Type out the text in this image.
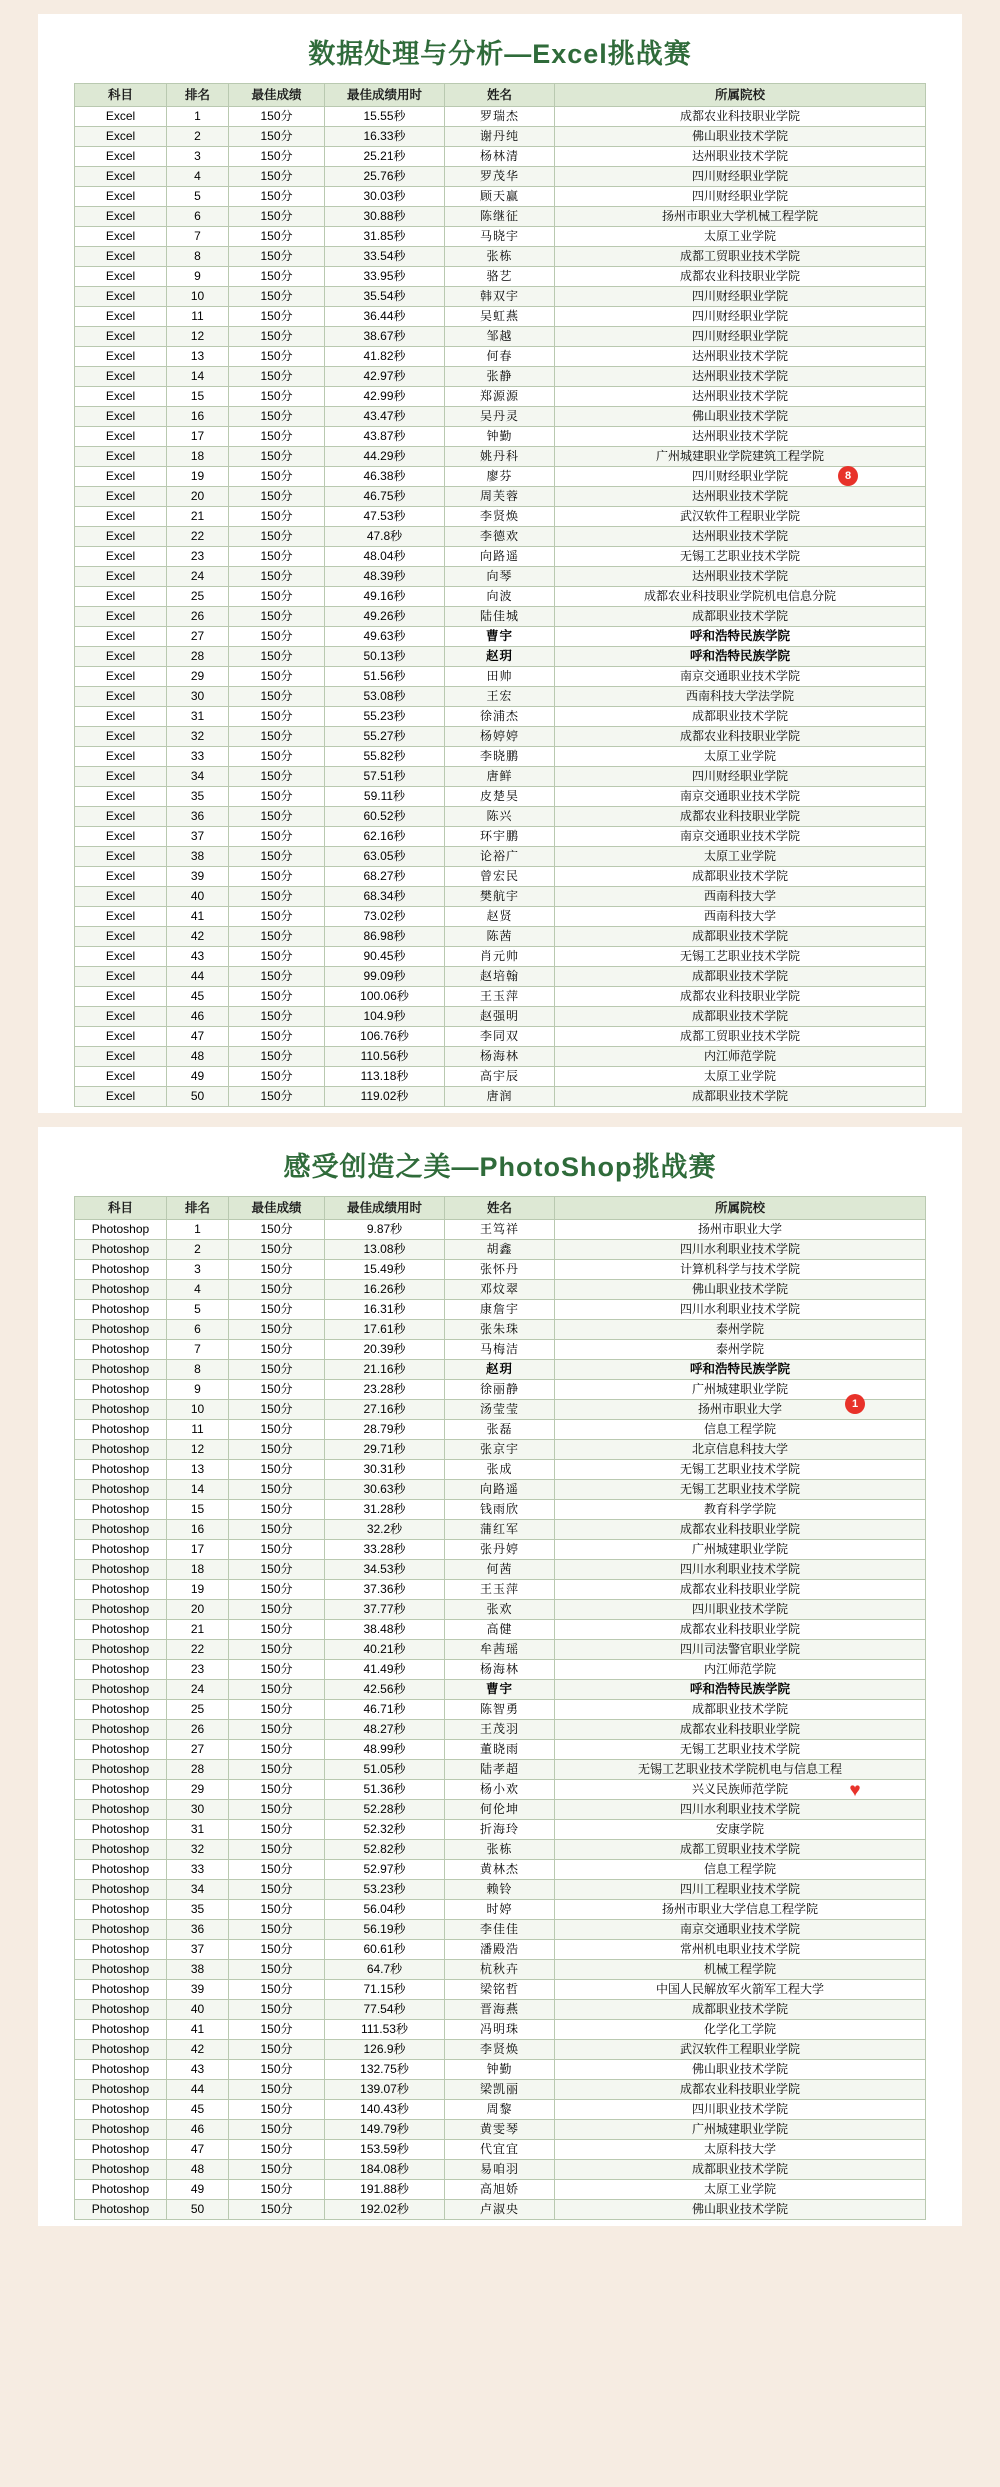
数据处理与分析—Excel挑战赛
科目	排名	最佳成绩	最佳成绩用时	姓名	所属院校
Excel	1	150分	15.55秒	罗瑞杰	成都农业科技职业学院
Excel	2	150分	16.33秒	谢丹纯	佛山职业技术学院
Excel	3	150分	25.21秒	杨林清	达州职业技术学院
Excel	4	150分	25.76秒	罗茂华	四川财经职业学院
Excel	5	150分	30.03秒	顾天赢	四川财经职业学院
Excel	6	150分	30.88秒	陈继征	扬州市职业大学机械工程学院
Excel	7	150分	31.85秒	马晓宇	太原工业学院
Excel	8	150分	33.54秒	张栋	成都工贸职业技术学院
Excel	9	150分	33.95秒	骆艺	成都农业科技职业学院
Excel	10	150分	35.54秒	韩双宇	四川财经职业学院
Excel	11	150分	36.44秒	吴虹燕	四川财经职业学院
Excel	12	150分	38.67秒	邹越	四川财经职业学院
Excel	13	150分	41.82秒	何春	达州职业技术学院
Excel	14	150分	42.97秒	张静	达州职业技术学院
Excel	15	150分	42.99秒	郑源源	达州职业技术学院
Excel	16	150分	43.47秒	吴丹灵	佛山职业技术学院
Excel	17	150分	43.87秒	钟勤	达州职业技术学院
Excel	18	150分	44.29秒	姚丹科	广州城建职业学院建筑工程学院
Excel	19	150分	46.38秒	廖芬	四川财经职业学院
Excel	20	150分	46.75秒	周芙蓉	达州职业技术学院
Excel	21	150分	47.53秒	李贤焕	武汉软件工程职业学院
Excel	22	150分	47.8秒	李德欢	达州职业技术学院
Excel	23	150分	48.04秒	向路遥	无锡工艺职业技术学院
Excel	24	150分	48.39秒	向琴	达州职业技术学院
Excel	25	150分	49.16秒	向波	成都农业科技职业学院机电信息分院
Excel	26	150分	49.26秒	陆佳城	成都职业技术学院
Excel	27	150分	49.63秒	曹宇	呼和浩特民族学院
Excel	28	150分	50.13秒	赵玥	呼和浩特民族学院
Excel	29	150分	51.56秒	田帅	南京交通职业技术学院
Excel	30	150分	53.08秒	王宏	西南科技大学法学院
Excel	31	150分	55.23秒	徐浦杰	成都职业技术学院
Excel	32	150分	55.27秒	杨婷婷	成都农业科技职业学院
Excel	33	150分	55.82秒	李晓鹏	太原工业学院
Excel	34	150分	57.51秒	唐鲜	四川财经职业学院
Excel	35	150分	59.11秒	皮楚昊	南京交通职业技术学院
Excel	36	150分	60.52秒	陈兴	成都农业科技职业学院
Excel	37	150分	62.16秒	环宇鹏	南京交通职业技术学院
Excel	38	150分	63.05秒	论裕广	太原工业学院
Excel	39	150分	68.27秒	曾宏民	成都职业技术学院
Excel	40	150分	68.34秒	樊航宇	西南科技大学
Excel	41	150分	73.02秒	赵贤	西南科技大学
Excel	42	150分	86.98秒	陈茜	成都职业技术学院
Excel	43	150分	90.45秒	肖元帅	无锡工艺职业技术学院
Excel	44	150分	99.09秒	赵培翰	成都职业技术学院
Excel	45	150分	100.06秒	王玉萍	成都农业科技职业学院
Excel	46	150分	104.9秒	赵强明	成都职业技术学院
Excel	47	150分	106.76秒	李同双	成都工贸职业技术学院
Excel	48	150分	110.56秒	杨海林	内江师范学院
Excel	49	150分	113.18秒	高宇辰	太原工业学院
Excel	50	150分	119.02秒	唐润	成都职业技术学院
感受创造之美—PhotoShop挑战赛
科目	排名	最佳成绩	最佳成绩用时	姓名	所属院校
Photoshop	1	150分	9.87秒	王笃祥	扬州市职业大学
Photoshop	2	150分	13.08秒	胡鑫	四川水利职业技术学院
Photoshop	3	150分	15.49秒	张怀丹	计算机科学与技术学院
Photoshop	4	150分	16.26秒	邓炆翠	佛山职业技术学院
Photoshop	5	150分	16.31秒	康詹宇	四川水利职业技术学院
Photoshop	6	150分	17.61秒	张朱珠	泰州学院
Photoshop	7	150分	20.39秒	马梅洁	泰州学院
Photoshop	8	150分	21.16秒	赵玥	呼和浩特民族学院
Photoshop	9	150分	23.28秒	徐丽静	广州城建职业学院
Photoshop	10	150分	27.16秒	汤莹莹	扬州市职业大学
Photoshop	11	150分	28.79秒	张磊	信息工程学院
Photoshop	12	150分	29.71秒	张京宇	北京信息科技大学
Photoshop	13	150分	30.31秒	张成	无锡工艺职业技术学院
Photoshop	14	150分	30.63秒	向路遥	无锡工艺职业技术学院
Photoshop	15	150分	31.28秒	钱雨欣	教育科学学院
Photoshop	16	150分	32.2秒	蒲红军	成都农业科技职业学院
Photoshop	17	150分	33.28秒	张丹婷	广州城建职业学院
Photoshop	18	150分	34.53秒	何茜	四川水利职业技术学院
Photoshop	19	150分	37.36秒	王玉萍	成都农业科技职业学院
Photoshop	20	150分	37.77秒	张欢	四川职业技术学院
Photoshop	21	150分	38.48秒	高健	成都农业科技职业学院
Photoshop	22	150分	40.21秒	牟茜瑶	四川司法警官职业学院
Photoshop	23	150分	41.49秒	杨海林	内江师范学院
Photoshop	24	150分	42.56秒	曹宇	呼和浩特民族学院
Photoshop	25	150分	46.71秒	陈智勇	成都职业技术学院
Photoshop	26	150分	48.27秒	王茂羽	成都农业科技职业学院
Photoshop	27	150分	48.99秒	董晓雨	无锡工艺职业技术学院
Photoshop	28	150分	51.05秒	陆孝超	无锡工艺职业技术学院机电与信息工程
Photoshop	29	150分	51.36秒	杨小欢	兴义民族师范学院
Photoshop	30	150分	52.28秒	何伦坤	四川水利职业技术学院
Photoshop	31	150分	52.32秒	折海玲	安康学院
Photoshop	32	150分	52.82秒	张栋	成都工贸职业技术学院
Photoshop	33	150分	52.97秒	黄林杰	信息工程学院
Photoshop	34	150分	53.23秒	赖铃	四川工程职业技术学院
Photoshop	35	150分	56.04秒	时婷	扬州市职业大学信息工程学院
Photoshop	36	150分	56.19秒	李佳佳	南京交通职业技术学院
Photoshop	37	150分	60.61秒	潘殿浩	常州机电职业技术学院
Photoshop	38	150分	64.7秒	杭秋卉	机械工程学院
Photoshop	39	150分	71.15秒	梁铭哲	中国人民解放军火箭军工程大学
Photoshop	40	150分	77.54秒	晋海燕	成都职业技术学院
Photoshop	41	150分	111.53秒	冯明珠	化学化工学院
Photoshop	42	150分	126.9秒	李贤焕	武汉软件工程职业学院
Photoshop	43	150分	132.75秒	钟勤	佛山职业技术学院
Photoshop	44	150分	139.07秒	梁凯丽	成都农业科技职业学院
Photoshop	45	150分	140.43秒	周黎	四川职业技术学院
Photoshop	46	150分	149.79秒	黄雯琴	广州城建职业学院
Photoshop	47	150分	153.59秒	代宜宜	太原科技大学
Photoshop	48	150分	184.08秒	易咱羽	成都职业技术学院
Photoshop	49	150分	191.88秒	高旭娇	太原工业学院
Photoshop	50	150分	192.02秒	卢淑央	佛山职业技术学院
8
1
♥
